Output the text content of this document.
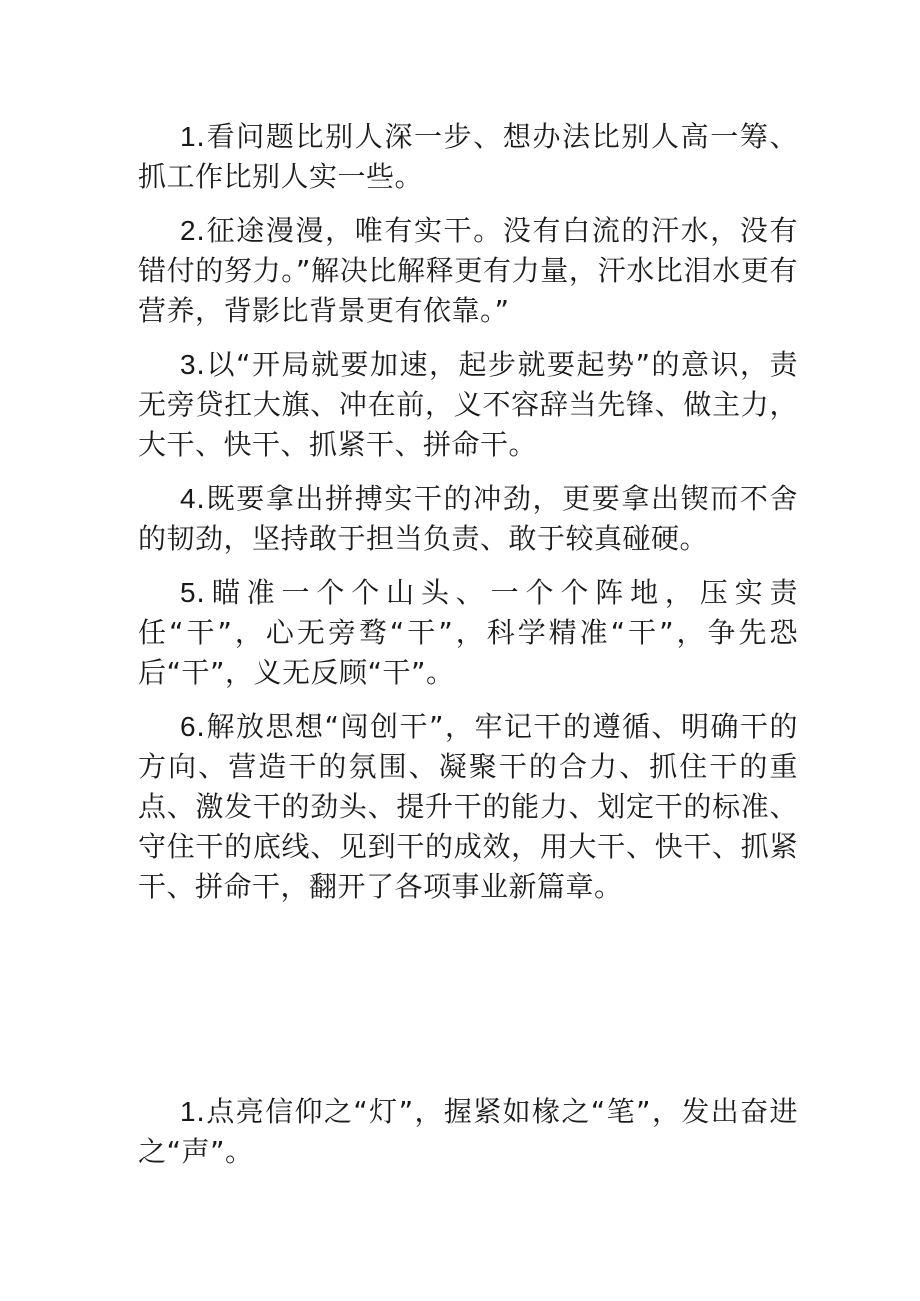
1.看问题比别人深一步、想办法比别人高一筹、抓工作比别人实一些。

2.征途漫漫，唯有实干。没有白流的汗水，没有错付的努力。”解决比解释更有力量，汗水比泪水更有营养，背影比背景更有依靠。”

3.以“开局就要加速，起步就要起势”的意识，责无旁贷扛大旗、冲在前，义不容辞当先锋、做主力，大干、快干、抓紧干、拼命干。

4.既要拿出拼搏实干的冲劲，更要拿出锲而不舍的韧劲，坚持敢于担当负责、敢于较真碰硬。

5.瞄准一个个山头、一个个阵地，压实责任“干”，心无旁骛“干”，科学精准“干”，争先恐后“干”，义无反顾“干”。

6.解放思想“闯创干”，牢记干的遵循、明确干的方向、营造干的氛围、凝聚干的合力、抓住干的重点、激发干的劲头、提升干的能力、划定干的标准、守住干的底线、见到干的成效，用大干、快干、抓紧干、拼命干，翻开了各项事业新篇章。

1.点亮信仰之“灯”，握紧如椽之“笔”，发出奋进之“声”。
